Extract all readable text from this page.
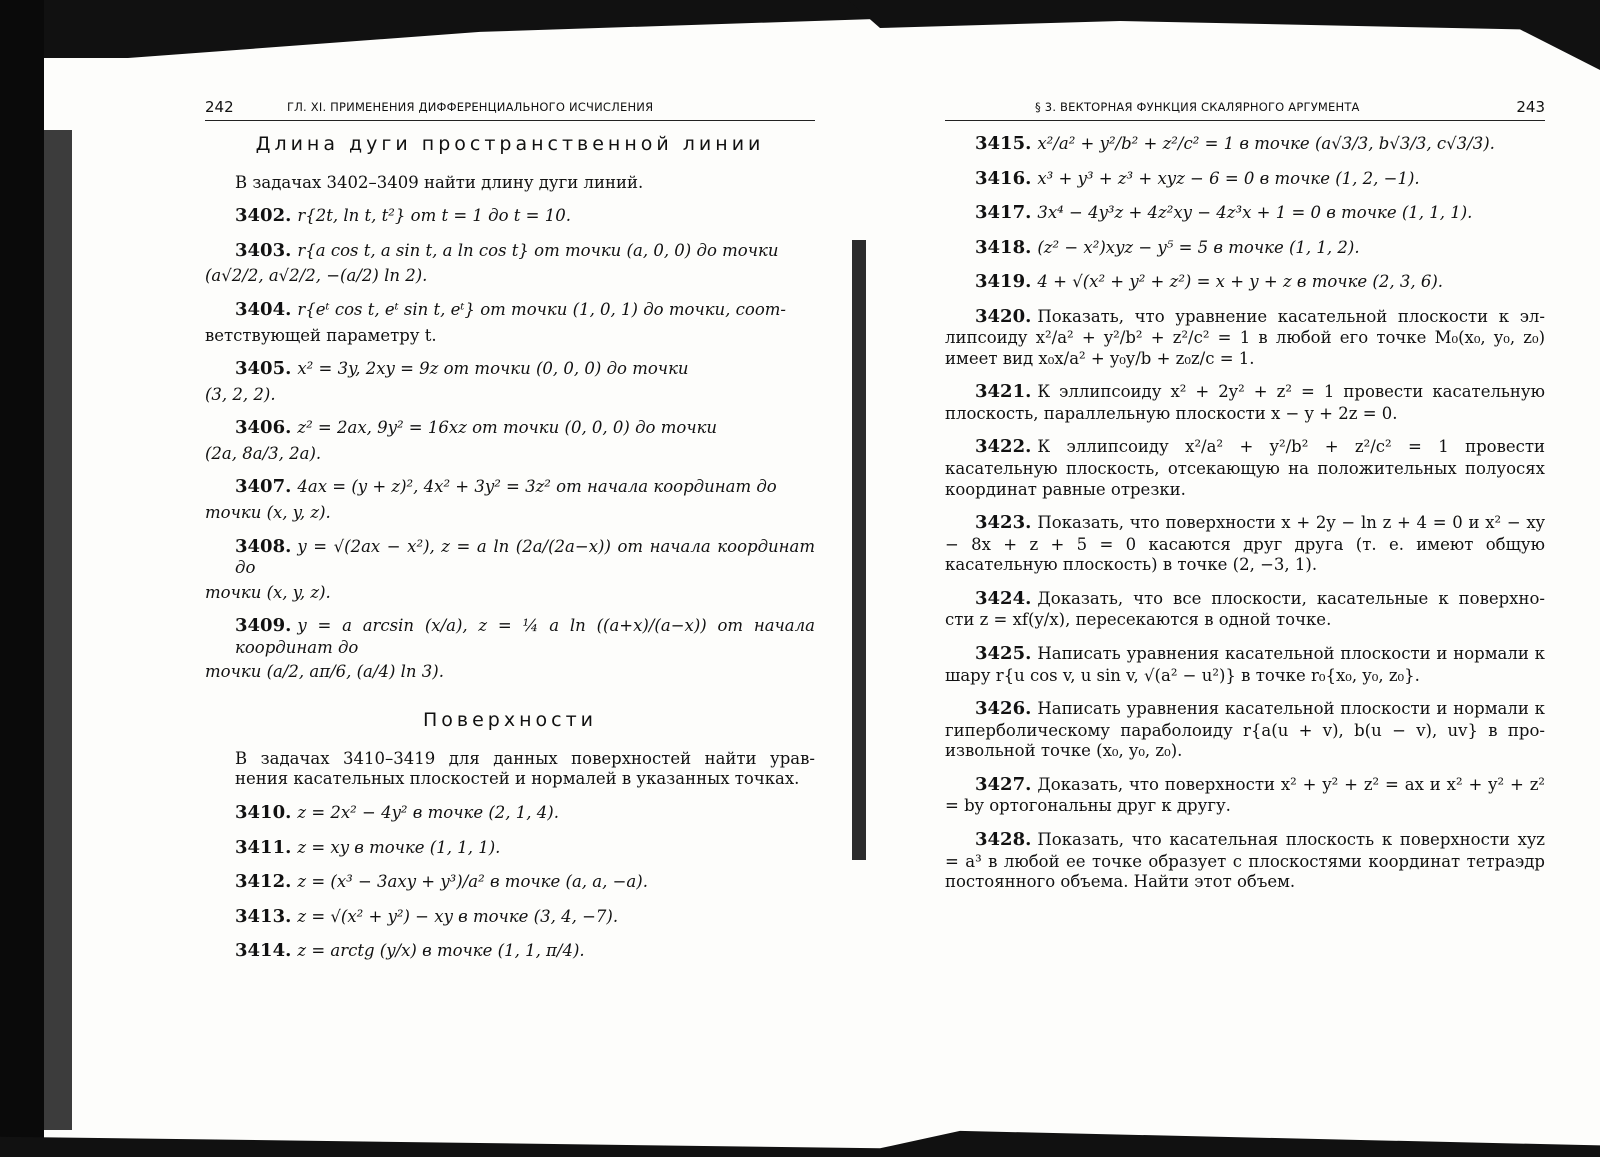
242	ГЛ. XI. ПРИМЕНЕНИЯ ДИФФЕРЕНЦИАЛЬНОГО ИСЧИСЛЕНИЯ
Длина дуги пространственной линии
В задачах 3402–3409 найти длину дуги линий.
3402. r{2t, ln t, t²} от t = 1 до t = 10.
3403. r{a cos t, a sin t, a ln cos t} от точки (a, 0, 0) до точки
(a√2/2, a√2/2, −(a/2) ln 2).
3404. r{eᵗ cos t, eᵗ sin t, eᵗ} от точки (1, 0, 1) до точки, соот-
ветствующей параметру t.
3405. x² = 3y, 2xy = 9z от точки (0, 0, 0) до точки
(3, 2, 2).
3406. z² = 2ax, 9y² = 16xz от точки (0, 0, 0) до точки
(2a, 8a/3, 2a).
3407. 4ax = (y + z)², 4x² + 3y² = 3z² от начала координат до
точки (x, y, z).
3408. y = √(2ax − x²), z = a ln (2a/(2a−x)) от начала координат до
точки (x, y, z).
3409. y = a arcsin (x/a), z = ¼ a ln ((a+x)/(a−x)) от начала координат до
точки (a/2, aπ/6, (a/4) ln 3).
Поверхности
В задачах 3410–3419 для данных поверхностей найти урав- нения касательных плоскостей и нормалей в указанных точках.
3410. z = 2x² − 4y² в точке (2, 1, 4).
3411. z = xy в точке (1, 1, 1).
3412. z = (x³ − 3axy + y³)/a² в точке (a, a, −a).
3413. z = √(x² + y²) − xy в точке (3, 4, −7).
3414. z = arctg (y/x) в точке (1, 1, π/4).
§ 3. ВЕКТОРНАЯ ФУНКЦИЯ СКАЛЯРНОГО АРГУМЕНТА	243
3415. x²/a² + y²/b² + z²/c² = 1 в точке (a√3/3, b√3/3, c√3/3).
3416. x³ + y³ + z³ + xyz − 6 = 0 в точке (1, 2, −1).
3417. 3x⁴ − 4y³z + 4z²xy − 4z³x + 1 = 0 в точке (1, 1, 1).
3418. (z² − x²)xyz − y⁵ = 5 в точке (1, 1, 2).
3419. 4 + √(x² + y² + z²) = x + y + z в точке (2, 3, 6).
3420. Показать, что уравнение касательной плоскости к эл- липсоиду x²/a² + y²/b² + z²/c² = 1 в любой его точке M₀(x₀, y₀, z₀) имеет вид x₀x/a² + y₀y/b + z₀z/c = 1.
3421. К эллипсоиду x² + 2y² + z² = 1 провести касательную плоскость, параллельную плоскости x − y + 2z = 0.
3422. К эллипсоиду x²/a² + y²/b² + z²/c² = 1 провести касательную плоскость, отсекающую на положительных полуосях координат равные отрезки.
3423. Показать, что поверхности x + 2y − ln z + 4 = 0 и x² − xy − 8x + z + 5 = 0 касаются друг друга (т. е. имеют общую касательную плоскость) в точке (2, −3, 1).
3424. Доказать, что все плоскости, касательные к поверхно- сти z = xf(y/x), пересекаются в одной точке.
3425. Написать уравнения касательной плоскости и нормали к шару r{u cos v, u sin v, √(a² − u²)} в точке r₀{x₀, y₀, z₀}.
3426. Написать уравнения касательной плоскости и нормали к гиперболическому параболоиду r{a(u + v), b(u − v), uv} в про- извольной точке (x₀, y₀, z₀).
3427. Доказать, что поверхности x² + y² + z² = ax и x² + y² + z² = by ортогональны друг к другу.
3428. Показать, что касательная плоскость к поверхности xyz = a³ в любой ее точке образует с плоскостями координат тетраэдр постоянного объема. Найти этот объем.
